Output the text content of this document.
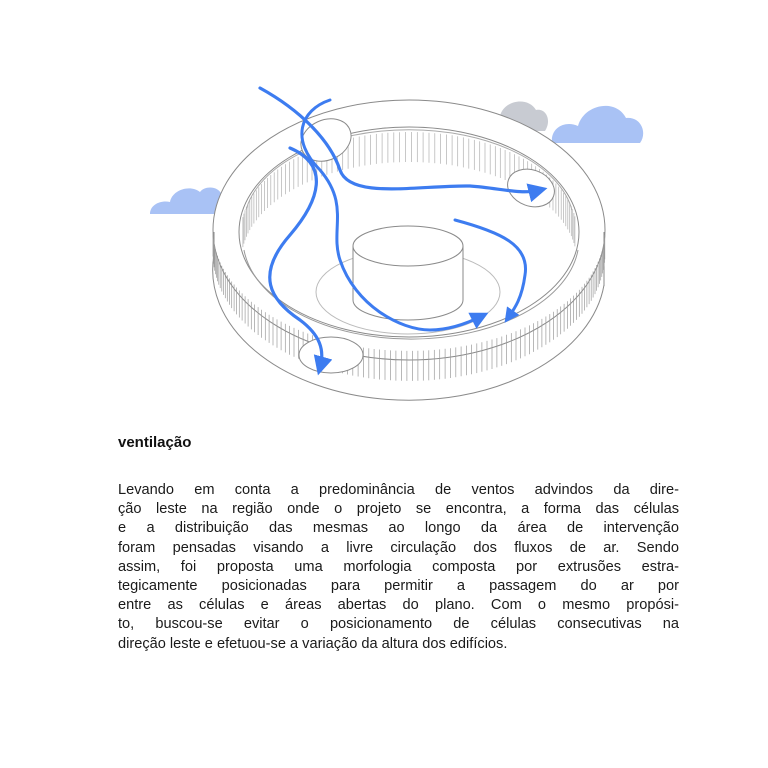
ventilação
Levando em conta a predominância de ventos advindos da dire-
ção leste na região onde o projeto se encontra, a forma das células
e a distribuição das mesmas ao longo da área de intervenção
foram pensadas visando a livre circulação dos fluxos de ar. Sendo
assim, foi proposta uma morfologia composta por extrusões estra-
tegicamente posicionadas para permitir a passagem do ar por
entre as células e áreas abertas do plano. Com o mesmo propósi-
to, buscou-se evitar o posicionamento de células consecutivas na
direção leste e efetuou-se a variação da altura dos edifícios.
